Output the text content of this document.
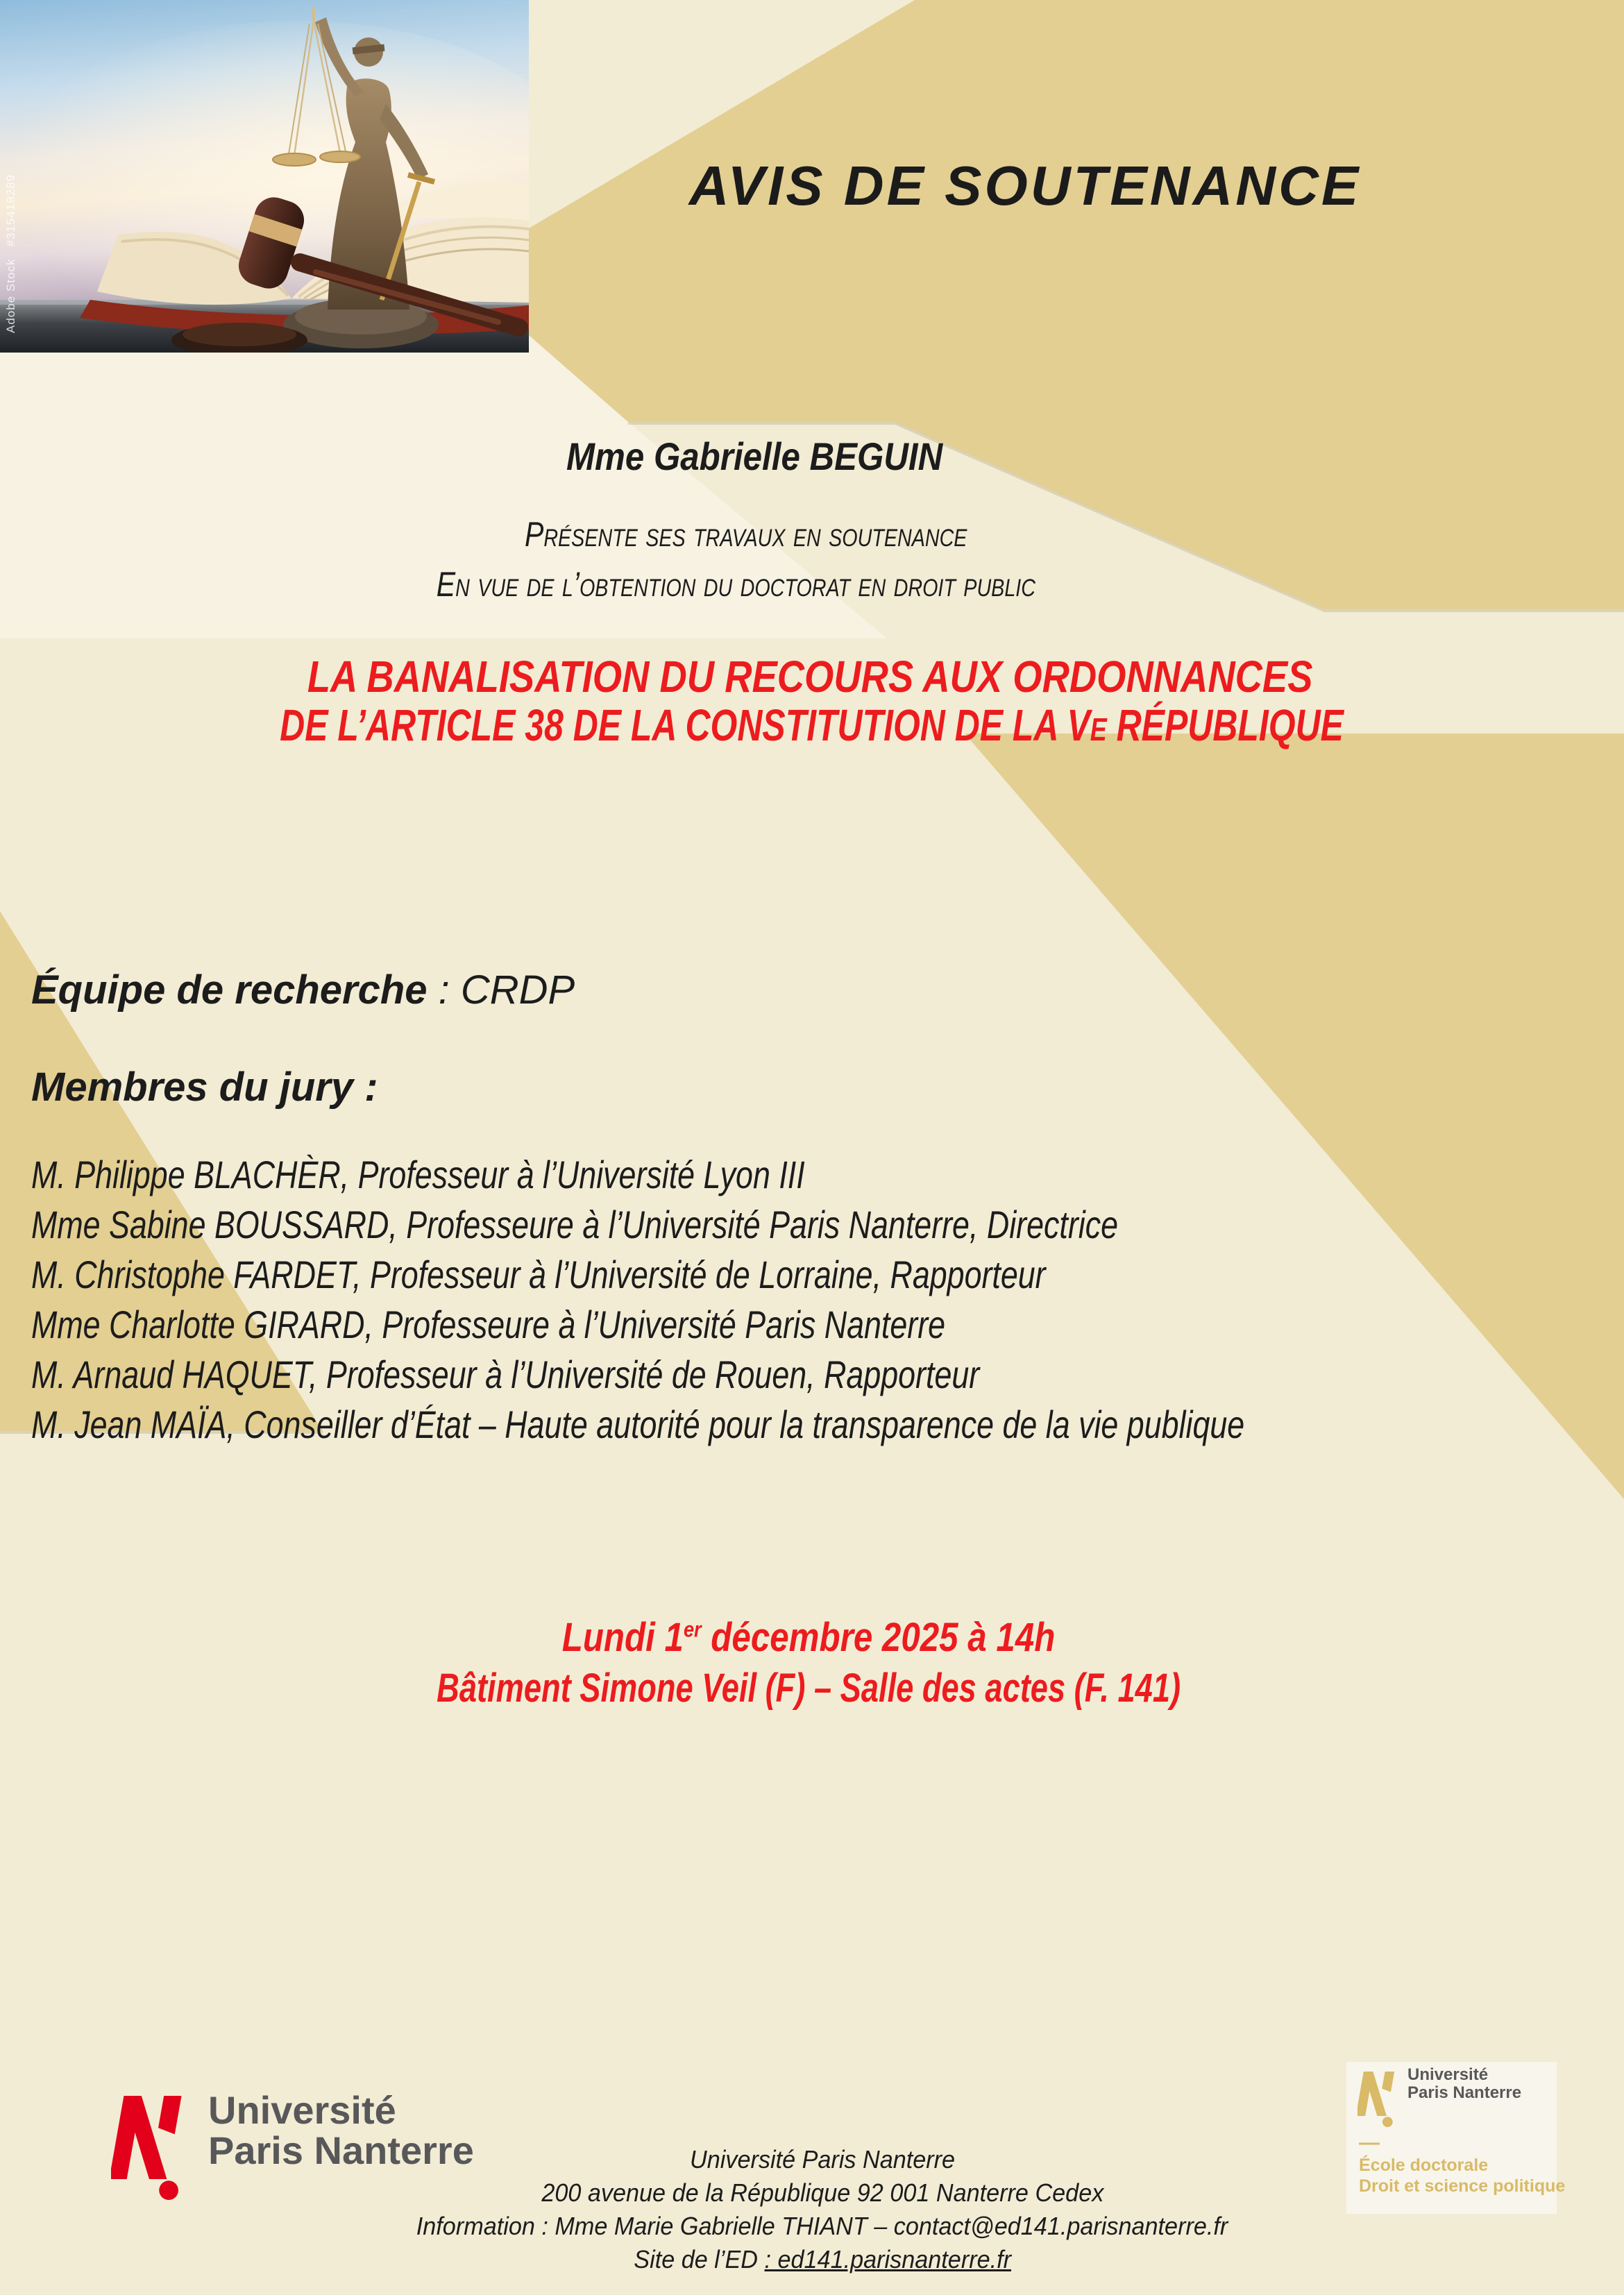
Adobe Stock   #315418289	AVIS DE SOUTENANCE
Mme Gabrielle BEGUIN
Présente ses travaux en soutenance
En vue de l’obtention du doctorat en droit public
LA BANALISATION DU RECOURS AUX ORDONNANCES
DE L’ARTICLE 38 DE LA CONSTITUTION DE LA VE RÉPUBLIQUE
Équipe de recherche : CRDP
Membres du jury :
M. Philippe BLACHÈR, Professeur à l’Université Lyon III
Mme Sabine BOUSSARD, Professeure à l’Université Paris Nanterre, Directrice
M. Christophe FARDET, Professeur à l’Université de Lorraine, Rapporteur
Mme Charlotte GIRARD, Professeure à l’Université Paris Nanterre
M. Arnaud HAQUET, Professeur à l’Université de Rouen, Rapporteur
M. Jean MAÏA, Conseiller d’État – Haute autorité pour la transparence de la vie publique
Lundi 1er décembre 2025 à 14h
Bâtiment Simone Veil (F) – Salle des actes (F. 141)
Université
Paris Nanterre	Université Paris Nanterre
200 avenue de la République 92 001 Nanterre Cedex
Information : Mme Marie Gabrielle THIANT – contact@ed141.parisnanterre.fr
Site de l’ED : ed141.parisnanterre.fr
Université
Paris Nanterre
—
École doctorale
Droit et science politique
